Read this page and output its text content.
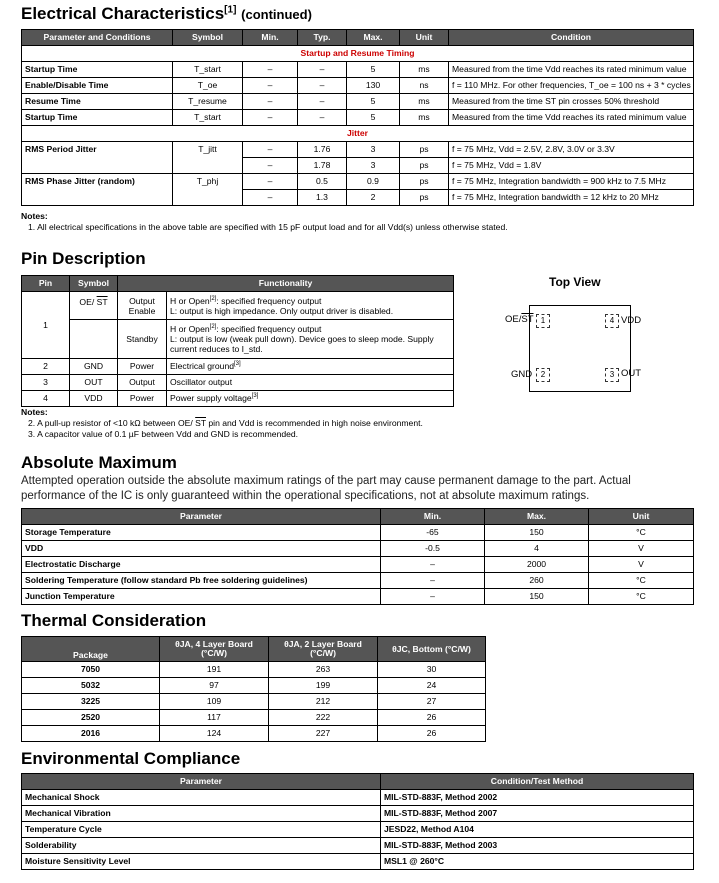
Electrical Characteristics[1] (continued)
Parameter and Conditions	Symbol	Min.	Typ.	Max.	Unit	Condition
Startup and Resume Timing						
Startup Time	T_start	–	–	5	ms	Measured from the time Vdd reaches its rated minimum value
Enable/Disable Time	T_oe	–	–	130	ns	f = 110 MHz. For other frequencies, T_oe = 100 ns + 3 * cycles
Resume Time	T_resume	–	–	5	ms	Measured from the time ST pin crosses 50% threshold
Startup Time	T_start	–	–	5	ms	Measured from the time Vdd reaches its rated minimum value
Jitter						
RMS Period Jitter	T_jitt	–	1.76	3	ps	f = 75 MHz, Vdd = 2.5V, 2.8V, 3.0V or 3.3V
		–	1.78	3	ps	f = 75 MHz, Vdd = 1.8V
RMS Phase Jitter (random)	T_phj	–	0.5	0.9	ps	f = 75 MHz, Integration bandwidth = 900 kHz to 7.5 MHz
		–	1.3	2	ps	f = 75 MHz, Integration bandwidth = 12 kHz to 20 MHz
Notes:
1. All electrical specifications in the above table are specified with 15 pF output load and for all Vdd(s) unless otherwise stated.
Pin Description
Pin	Symbol	Functionality	
1	OE/ $\overline{ST}$	Output Enable	H or Open[2]: specified frequency output
L: output is high impedance. Only output driver is disabled.

		Standby	H or Open[2]: specified frequency output
L: output is low (weak pull down). Device goes to sleep mode. Supply current reduces to I_std.

2	GND	Power	Electrical ground[3]
3	OUT	Output	Oscillator output
4	VDD	Power	Power supply voltage[3]
Top View
1
2	3
4
$OE/\overline{ST}$
GND	OUT
VDD
Notes:
2. A pull-up resistor of <10 kΩ between OE/ $\overline{ST}$ pin and Vdd is recommended in high noise environment.
3. A capacitor value of 0.1 µF between Vdd and GND is recommended.
Absolute Maximum
Attempted operation outside the absolute maximum ratings of the part may cause permanent damage to the part. Actual performance of the IC is only guaranteed within the operational specifications, not at absolute maximum ratings.
Parameter	Min.	Max.	Unit
Storage Temperature	-65	150	°C
VDD	-0.5	4	V
Electrostatic Discharge	–	2000	V
Soldering Temperature (follow standard Pb free soldering guidelines)	–	260	°C
Junction Temperature	–	150	°C
Thermal Consideration
Package	θJA, 4 Layer Board (°C/W)	θJA, 2 Layer Board (°C/W)	θJC, Bottom (°C/W)
7050	191	263	30
5032	97	199	24
3225	109	212	27
2520	117	222	26
2016	124	227	26
Environmental Compliance
Parameter	Condition/Test Method
Mechanical Shock	MIL-STD-883F, Method 2002
Mechanical Vibration	MIL-STD-883F, Method 2007
Temperature Cycle	JESD22, Method A104
Solderability	MIL-STD-883F, Method 2003
Moisture Sensitivity Level	MSL1 @ 260°C
